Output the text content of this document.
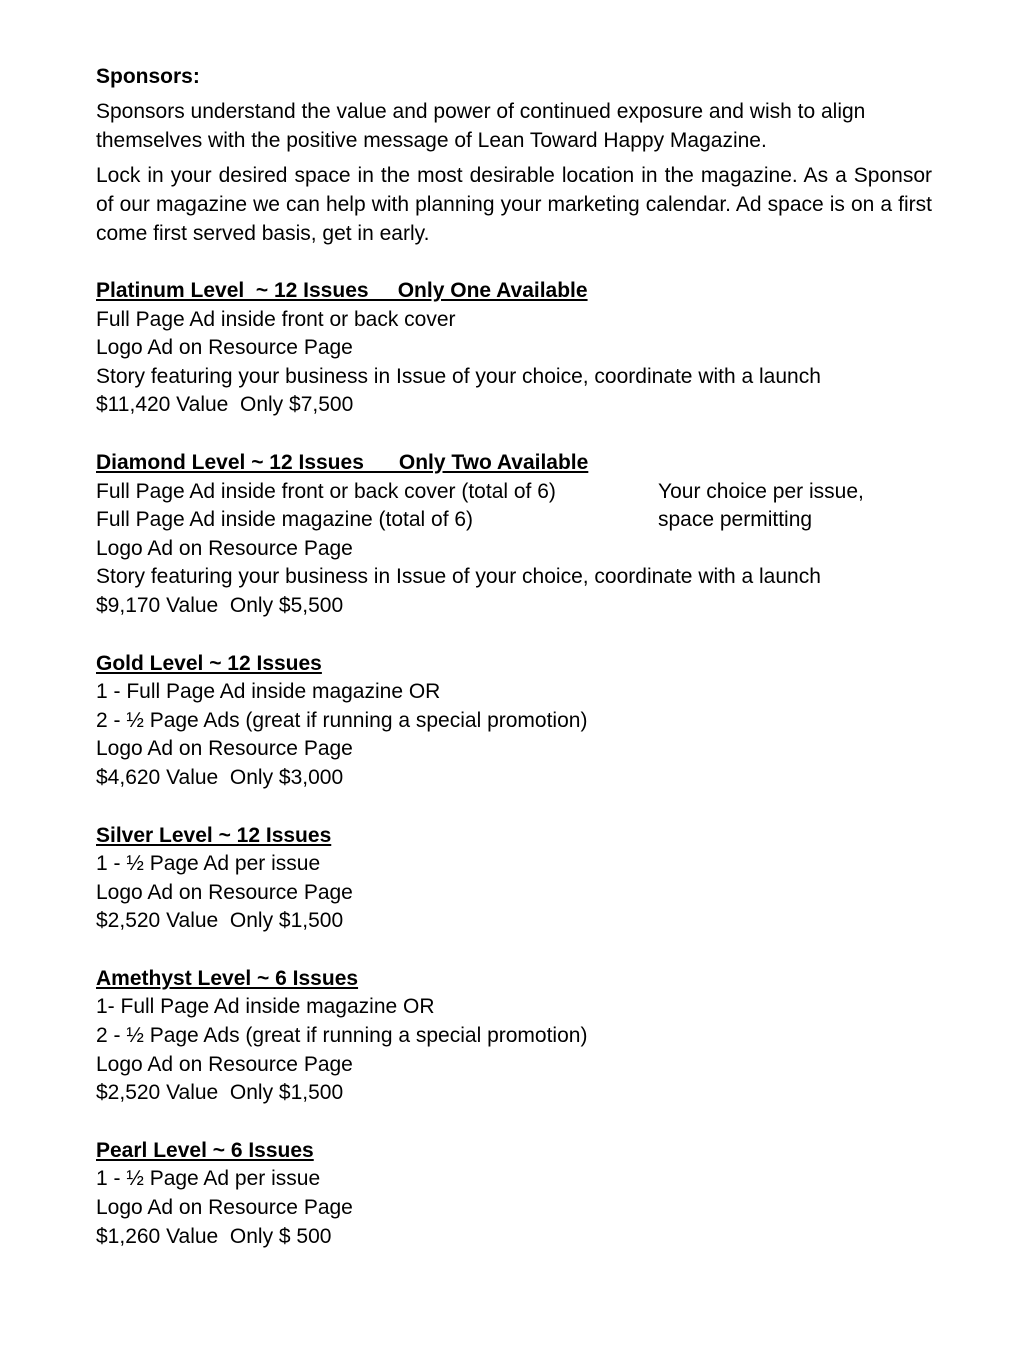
Sponsors:
Sponsors understand the value and power of continued exposure and wish to align themselves with the positive message of Lean Toward Happy Magazine.
Lock in your desired space in the most desirable location in the magazine. As a Sponsor of our magazine we can help with planning your marketing calendar. Ad space is on a first come first served basis, get in early.
Platinum Level  ~ 12 Issues     Only One Available
Full Page Ad inside front or back cover
Logo Ad on Resource Page
Story featuring your business in Issue of your choice, coordinate with a launch
$11,420 Value  Only $7,500
Diamond Level ~ 12 Issues      Only Two Available
Full Page Ad inside front or back cover (total of 6)	Your choice per issue,
Full Page Ad inside magazine (total of 6)	space permitting
Logo Ad on Resource Page
Story featuring your business in Issue of your choice, coordinate with a launch
$9,170 Value  Only $5,500
Gold Level ~ 12 Issues
1 - Full Page Ad inside magazine OR
2 - ½ Page Ads (great if running a special promotion)
Logo Ad on Resource Page
$4,620 Value  Only $3,000
Silver Level ~ 12 Issues
1 - ½ Page Ad per issue
Logo Ad on Resource Page
$2,520 Value  Only $1,500
Amethyst Level ~ 6 Issues
1- Full Page Ad inside magazine OR
2 - ½ Page Ads (great if running a special promotion)
Logo Ad on Resource Page
$2,520 Value  Only $1,500
Pearl Level ~ 6 Issues
1 - ½ Page Ad per issue
Logo Ad on Resource Page
$1,260 Value  Only $ 500
